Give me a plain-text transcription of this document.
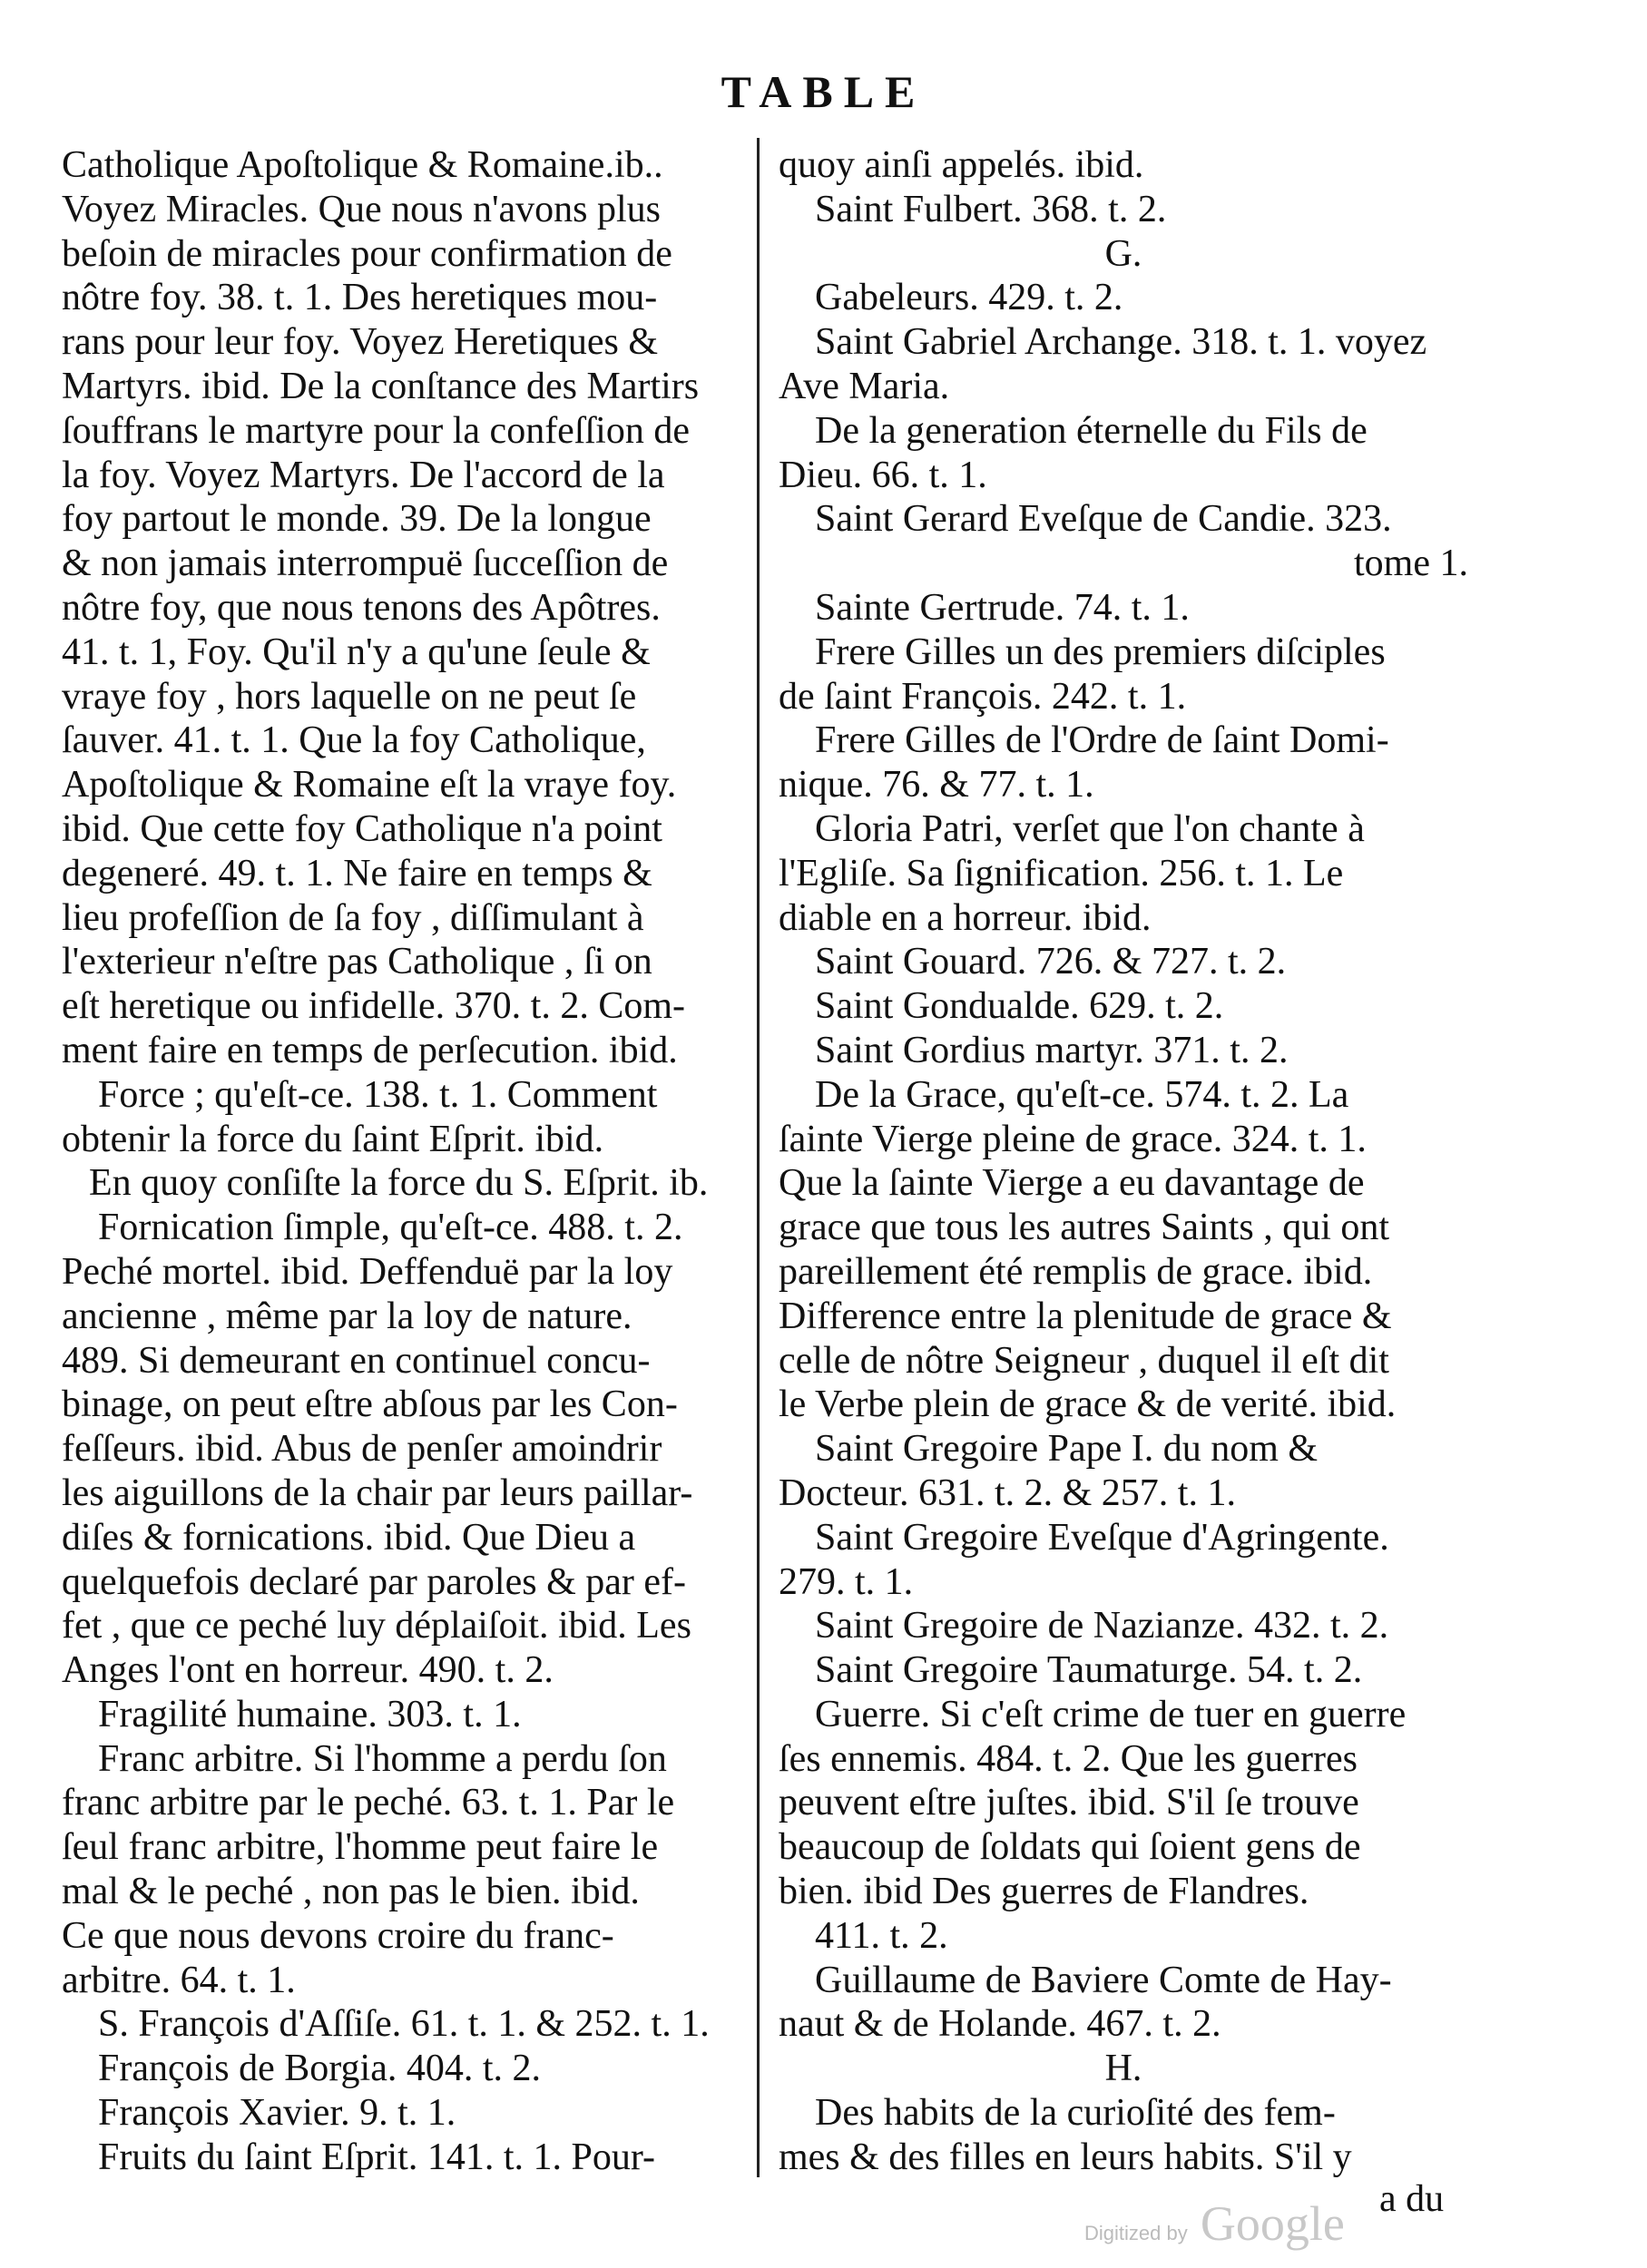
TABLE

Catholique Apoſtolique & Romaine.ib..

Voyez Miracles. Que nous n'avons plus

beſoin de miracles pour confirmation de

nôtre foy. 38. t. 1. Des heretiques mou-

rans pour leur foy. Voyez Heretiques &

Martyrs. ibid. De la conſtance des Martirs

ſouffrans le martyre pour la confeſſion de

la foy. Voyez Martyrs. De l'accord de la

foy partout le monde. 39. De la longue

& non jamais interrompuë ſucceſſion de

nôtre foy, que nous tenons des Apôtres.

41. t. 1, Foy. Qu'il n'y a qu'une ſeule &

vraye foy , hors laquelle on ne peut ſe

ſauver. 41. t. 1. Que la foy Catholique,

Apoſtolique & Romaine eſt la vraye foy.

ibid. Que cette foy Catholique n'a point

degeneré. 49. t. 1. Ne faire en temps &

lieu profeſſion de ſa foy , diſſimulant à

l'exterieur n'eſtre pas Catholique , ſi on

eſt heretique ou infidelle. 370. t. 2. Com-

ment faire en temps de perſecution. ibid.

Force ; qu'eſt-ce. 138. t. 1. Comment

obtenir la force du ſaint Eſprit. ibid.

En quoy conſiſte la force du S. Eſprit. ib.

Fornication ſimple, qu'eſt-ce. 488. t. 2.

Peché mortel. ibid. Deffenduë par la loy

ancienne , même par la loy de nature.

489. Si demeurant en continuel concu-

binage, on peut eſtre abſous par les Con-

feſſeurs. ibid. Abus de penſer amoindrir

les aiguillons de la chair par leurs paillar-

diſes & fornications. ibid. Que Dieu a

quelquefois declaré par paroles & par ef-

fet , que ce peché luy déplaiſoit. ibid. Les

Anges l'ont en horreur. 490. t. 2.

Fragilité humaine. 303. t. 1.

Franc arbitre. Si l'homme a perdu ſon

franc arbitre par le peché. 63. t. 1. Par le

ſeul franc arbitre, l'homme peut faire le

mal & le peché , non pas le bien. ibid.

Ce que nous devons croire du franc-

arbitre. 64. t. 1.

S. François d'Aſſiſe. 61. t. 1. & 252. t. 1.

François de Borgia. 404. t. 2.

François Xavier. 9. t. 1.

Fruits du ſaint Eſprit. 141. t. 1. Pour-

quoy ainſi appelés. ibid.

Saint Fulbert. 368. t. 2.

G.

Gabeleurs. 429. t. 2.

Saint Gabriel Archange. 318. t. 1. voyez

Ave Maria.

De la generation éternelle du Fils de

Dieu. 66. t. 1.

Saint Gerard Eveſque de Candie. 323.

tome 1.

Sainte Gertrude. 74. t. 1.

Frere Gilles un des premiers diſciples

de ſaint François. 242. t. 1.

Frere Gilles de l'Ordre de ſaint Domi-

nique. 76. & 77. t. 1.

Gloria Patri, verſet que l'on chante à

l'Egliſe. Sa ſignification. 256. t. 1. Le

diable en a horreur. ibid.

Saint Gouard. 726. & 727. t. 2.

Saint Gondualde. 629. t. 2.

Saint Gordius martyr. 371. t. 2.

De la Grace, qu'eſt-ce. 574. t. 2. La

ſainte Vierge pleine de grace. 324. t. 1.

Que la ſainte Vierge a eu davantage de

grace que tous les autres Saints , qui ont

pareillement été remplis de grace. ibid.

Difference entre la plenitude de grace &

celle de nôtre Seigneur , duquel il eſt dit

le Verbe plein de grace & de verité. ibid.

Saint Gregoire Pape I. du nom &

Docteur. 631. t. 2. & 257. t. 1.

Saint Gregoire Eveſque d'Agringente.

279. t. 1.

Saint Gregoire de Nazianze. 432. t. 2.

Saint Gregoire Taumaturge. 54. t. 2.

Guerre. Si c'eſt crime de tuer en guerre

ſes ennemis. 484. t. 2. Que les guerres

peuvent eſtre juſtes. ibid. S'il ſe trouve

beaucoup de ſoldats qui ſoient gens de

bien. ibid Des guerres de Flandres.

411. t. 2.

Guillaume de Baviere Comte de Hay-

naut & de Holande. 467. t. 2.

H.

Des habits de la curioſité des fem-

mes & des filles en leurs habits. S'il y

a du
Digitized by Google
